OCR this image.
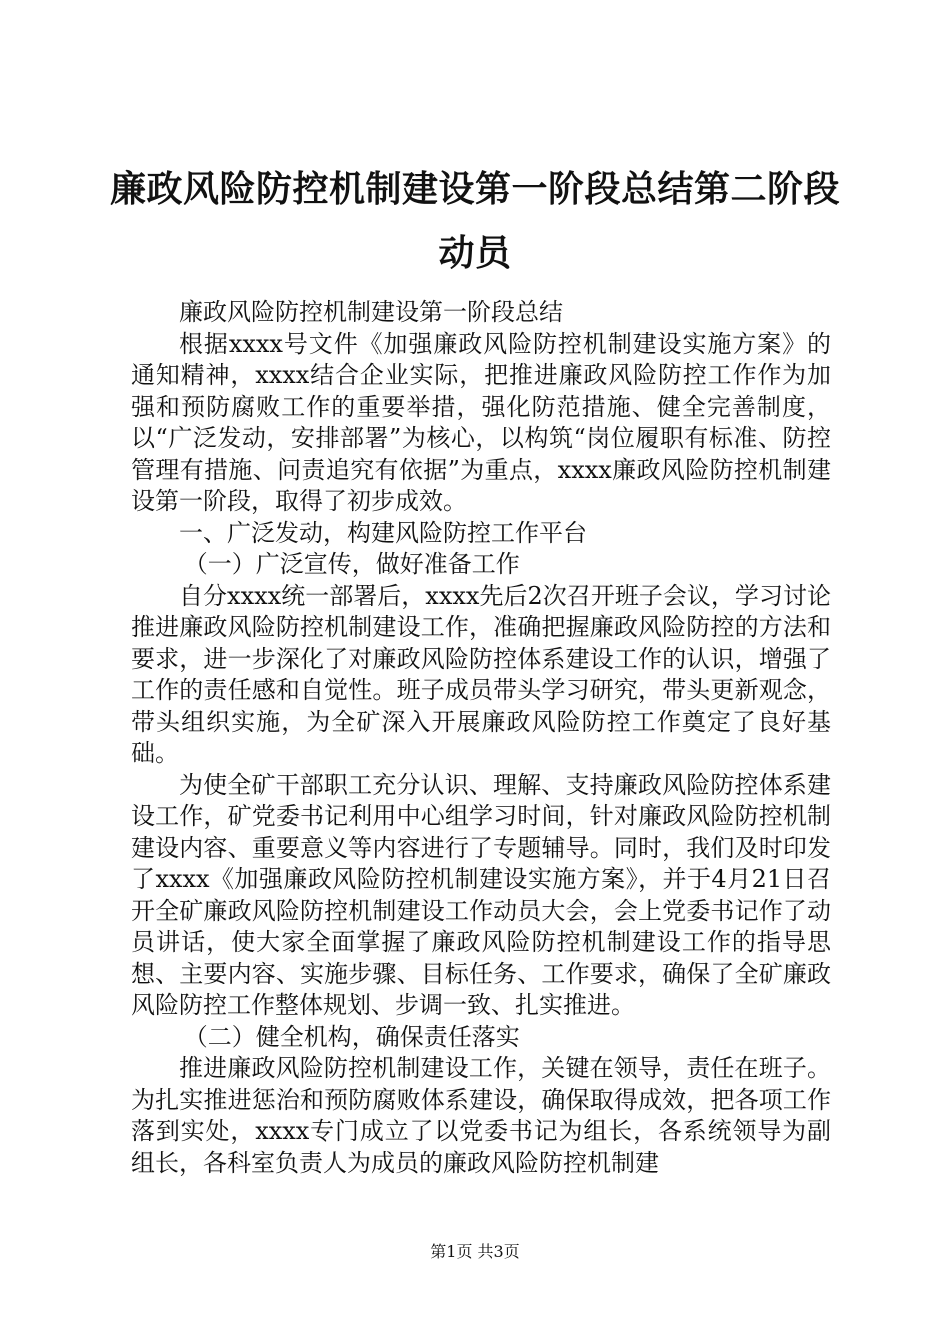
廉政风险防控机制建设第一阶段总结第二阶段动员

廉政风险防控机制建设第一阶段总结

根据xxxx号文件《加强廉政风险防控机制建设实施方案》的通知精神，xxxx结合企业实际，把推进廉政风险防控工作作为加强和预防腐败工作的重要举措，强化防范措施、健全完善制度，以“广泛发动，安排部署”为核心，以构筑“岗位履职有标准、防控管理有措施、问责追究有依据”为重点，xxxx廉政风险防控机制建设第一阶段，取得了初步成效。

一、广泛发动，构建风险防控工作平台

（一）广泛宣传，做好准备工作

自分xxxx统一部署后，xxxx先后2次召开班子会议，学习讨论推进廉政风险防控机制建设工作，准确把握廉政风险防控的方法和要求，进一步深化了对廉政风险防控体系建设工作的认识，增强了工作的责任感和自觉性。班子成员带头学习研究，带头更新观念，带头组织实施，为全矿深入开展廉政风险防控工作奠定了良好基础。

为使全矿干部职工充分认识、理解、支持廉政风险防控体系建设工作，矿党委书记利用中心组学习时间，针对廉政风险防控机制建设内容、重要意义等内容进行了专题辅导。同时，我们及时印发了xxxx《加强廉政风险防控机制建设实施方案》，并于4月21日召开全矿廉政风险防控机制建设工作动员大会，会上党委书记作了动员讲话，使大家全面掌握了廉政风险防控机制建设工作的指导思想、主要内容、实施步骤、目标任务、工作要求，确保了全矿廉政风险防控工作整体规划、步调一致、扎实推进。

（二）健全机构，确保责任落实

推进廉政风险防控机制建设工作，关键在领导，责任在班子。为扎实推进惩治和预防腐败体系建设，确保取得成效，把各项工作落到实处，xxxx专门成立了以党委书记为组长，各系统领导为副组长，各科室负责人为成员的廉政风险防控机制建

第1页 共3页
